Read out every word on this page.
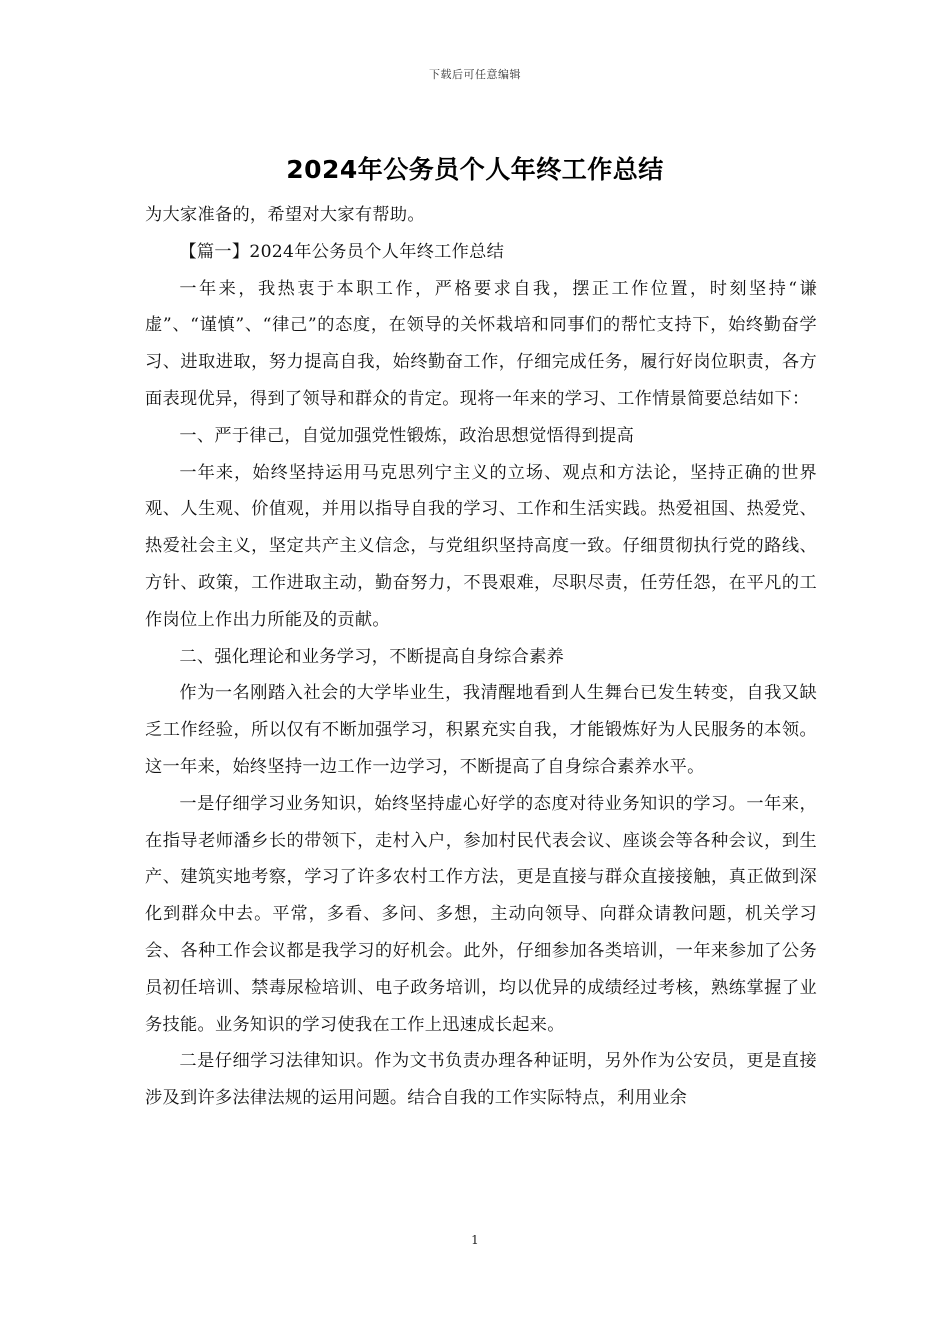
下载后可任意编辑
2024年公务员个人年终工作总结

为大家准备的，希望对大家有帮助。

【篇一】2024年公务员个人年终工作总结

一年来，我热衷于本职工作，严格要求自我，摆正工作位置，时刻坚持“谦虚”、“谨慎”、“律己”的态度，在领导的关怀栽培和同事们的帮忙支持下，始终勤奋学习、进取进取，努力提高自我，始终勤奋工作，仔细完成任务，履行好岗位职责，各方面表现优异，得到了领导和群众的肯定。现将一年来的学习、工作情景简要总结如下：

一、严于律己，自觉加强党性锻炼，政治思想觉悟得到提高

一年来，始终坚持运用马克思列宁主义的立场、观点和方法论，坚持正确的世界观、人生观、价值观，并用以指导自我的学习、工作和生活实践。热爱祖国、热爱党、热爱社会主义，坚定共产主义信念，与党组织坚持高度一致。仔细贯彻执行党的路线、方针、政策，工作进取主动，勤奋努力，不畏艰难，尽职尽责，任劳任怨，在平凡的工作岗位上作出力所能及的贡献。

二、强化理论和业务学习，不断提高自身综合素养

作为一名刚踏入社会的大学毕业生，我清醒地看到人生舞台已发生转变，自我又缺乏工作经验，所以仅有不断加强学习，积累充实自我，才能锻炼好为人民服务的本领。这一年来，始终坚持一边工作一边学习，不断提高了自身综合素养水平。

一是仔细学习业务知识，始终坚持虚心好学的态度对待业务知识的学习。一年来，在指导老师潘乡长的带领下，走村入户，参加村民代表会议、座谈会等各种会议，到生产、建筑实地考察，学习了许多农村工作方法，更是直接与群众直接接触，真正做到深化到群众中去。平常，多看、多问、多想，主动向领导、向群众请教问题，机关学习会、各种工作会议都是我学习的好机会。此外，仔细参加各类培训，一年来参加了公务员初任培训、禁毒尿检培训、电子政务培训，均以优异的成绩经过考核，熟练掌握了业务技能。业务知识的学习使我在工作上迅速成长起来。

二是仔细学习法律知识。作为文书负责办理各种证明，另外作为公安员，更是直接涉及到许多法律法规的运用问题。结合自我的工作实际特点，利用业余

1
